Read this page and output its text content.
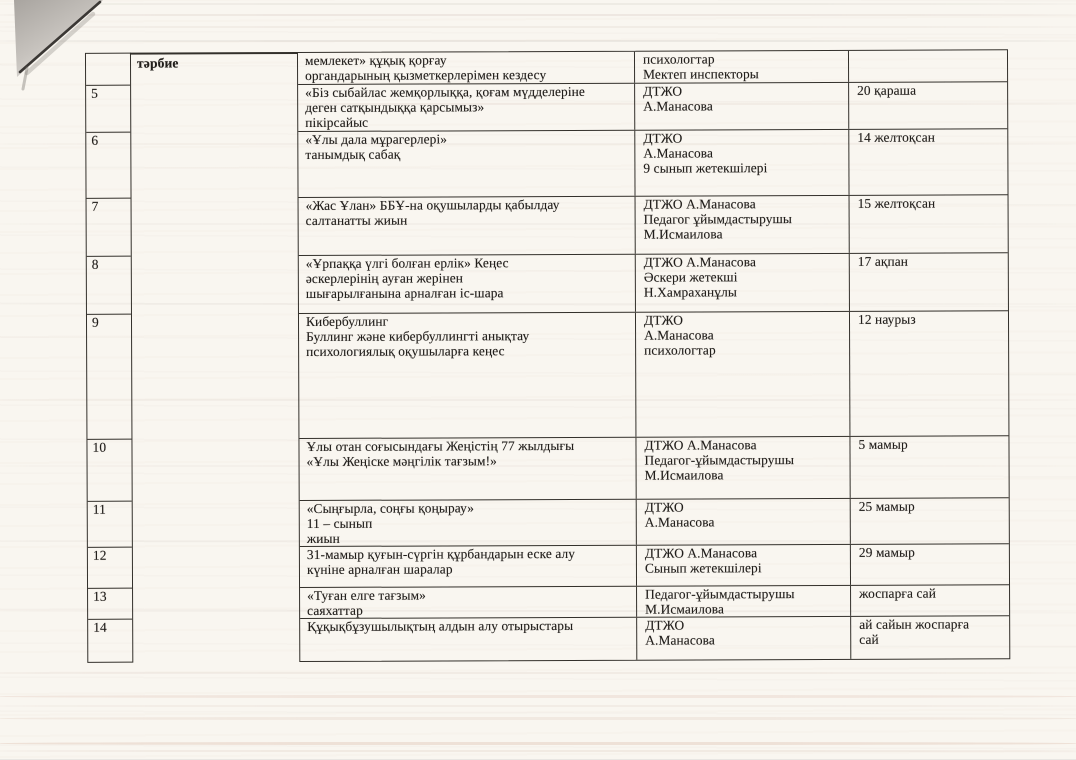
5
6
7
8
9
10
11
12
13
14
тәрбие	мемлекет» құқық қорғау
органдарының қызметкерлерімен кездесу
психологтар
Мектеп инспекторы
«Біз сыбайлас жемқорлыққа, қоғам мүдделеріне
деген сатқындыққа қарсымыз»
пікірсайыс
ДТЖО
А.Манасова
20 қараша
«Ұлы дала мұрагерлері»
танымдық сабақ
ДТЖО
А.Манасова
9 сынып жетекшілері
14 желтоқсан
«Жас Ұлан» ББҰ-на оқушыларды қабылдау
салтанатты жиын
ДТЖО А.Манасова
Педагог ұйымдастырушы
М.Исмаилова
15 желтоқсан
«Ұрпаққа үлгі болған ерлік» Кеңес
әскерлерінің ауған жерінен
шығарылғанына арналған іс-шара
ДТЖО А.Манасова
Әскери жетекші
Н.Хамраханұлы
17 ақпан
Кибербуллинг
Буллинг және кибербуллингті анықтау
психологиялық оқушыларға кеңес
ДТЖО
А.Манасова
психологтар
12 наурыз
Ұлы отан соғысындағы Жеңістің 77 жылдығы
«Ұлы Жеңіске мәңгілік тағзым!»
ДТЖО А.Манасова
Педагог-ұйымдастырушы
М.Исмаилова
5 мамыр
«Сыңғырла, соңғы қоңырау»
11 – сынып
жиын
ДТЖО
А.Манасова
25 мамыр
31-мамыр қуғын-сүргін құрбандарын еске алу
күніне арналған шаралар
ДТЖО А.Манасова
Сынып жетекшілері
29 мамыр
«Туған елге тағзым»
саяхаттар
Педагог-ұйымдастырушы
М.Исмаилова
жоспарға сай
Құқықбұзушылықтың алдын алу отырыстары	ДТЖО
А.Манасова
ай сайын жоспарға
сай
